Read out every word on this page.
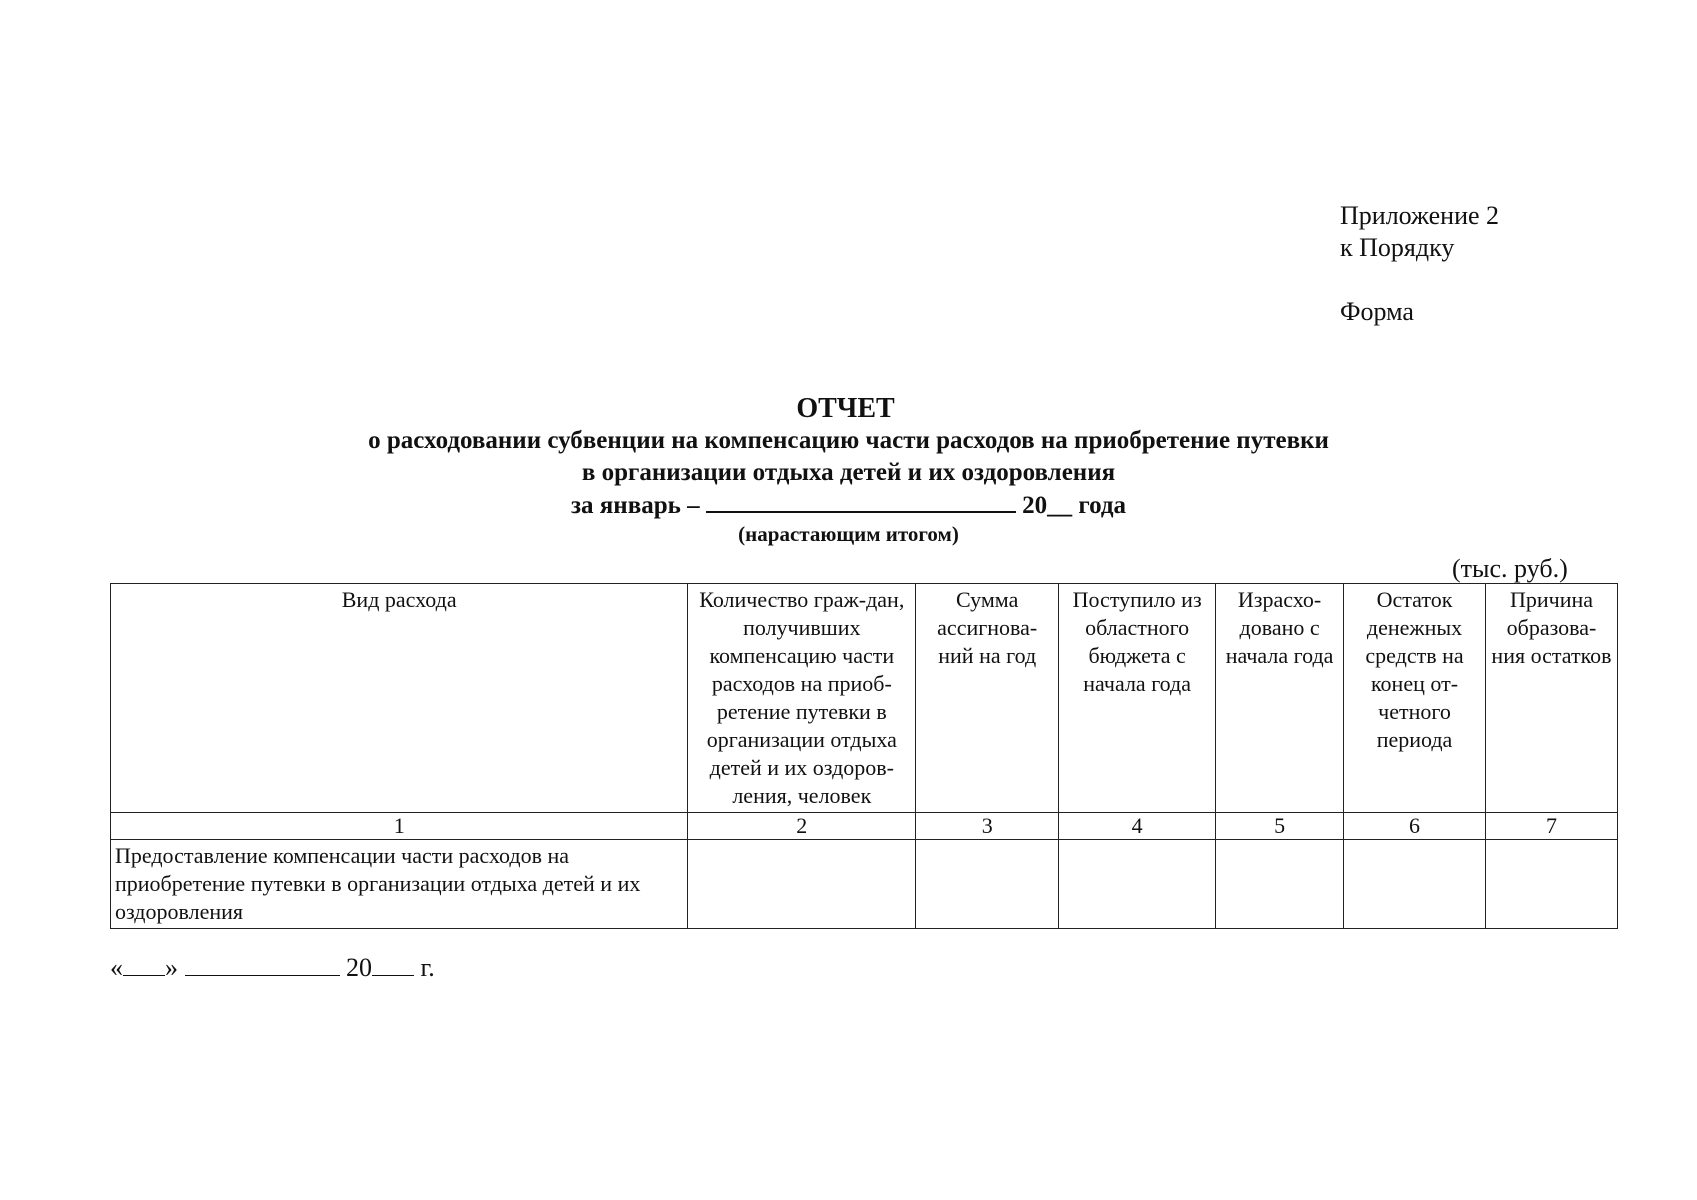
Приложение 2
к Порядку
Форма
ОТЧЕТ
о расходовании субвенции на компенсацию части расходов на приобретение путевки
в организации отдыха детей и их оздоровления
за январь –	20__ года
(нарастающим итогом)
(тыс. руб.)
Вид расхода	Количество граж-дан, получивших компенсацию части расходов на приоб-ретение путевки в организации отдыха детей и их оздоров-ления, человек	Сумма ассигнова-ний на год	Поступило из областного бюджета с начала года	Израсхо-довано с начала года	Остаток денежных средств на конец от-четного периода	Причина образова-ния остатков
1	2	3	4	5	6	7
Предоставление компенсации части расходов на приобретение путевки в организации отдыха детей и их оздоровления						
« »	20 г.
